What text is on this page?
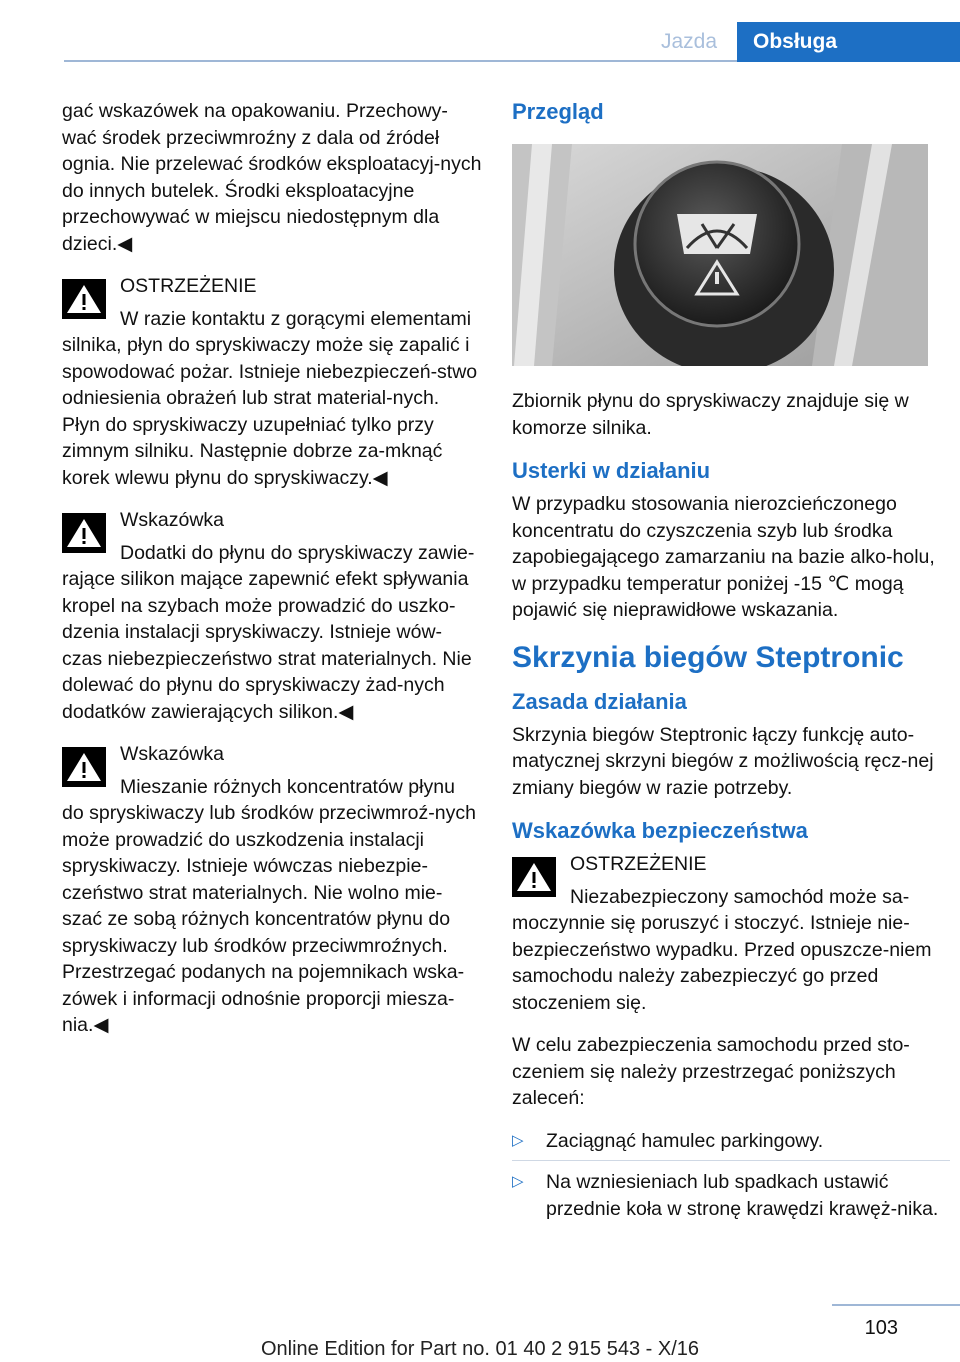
Jazda	Obsługa

gać wskazówek na opakowaniu. Przechowy-wać środek przeciwmroźny z dala od źródeł ognia. Nie przelewać środków eksploatacyj-nych do innych butelek. Środki eksploatacyjne przechowywać w miejscu niedostępnym dla dzieci.◀

OSTRZEŻENIE
W razie kontaktu z gorącymi elementami silnika, płyn do spryskiwaczy może się zapalić i spowodować pożar. Istnieje niebezpieczeń-stwo odniesienia obrażeń lub strat material-nych. Płyn do spryskiwaczy uzupełniać tylko przy zimnym silniku. Następnie dobrze za-mknąć korek wlewu płynu do spryskiwaczy.◀
Wskazówka
Dodatki do płynu do spryskiwaczy zawie-rające silikon mające zapewnić efekt spływania kropel na szybach może prowadzić do uszko-dzenia instalacji spryskiwaczy. Istnieje wów-czas niebezpieczeństwo strat materialnych. Nie dolewać do płynu do spryskiwaczy żad-nych dodatków zawierających silikon.◀
Wskazówka
Mieszanie różnych koncentratów płynu do spryskiwaczy lub środków przeciwmroź-nych może prowadzić do uszkodzenia instalacji spryskiwaczy. Istnieje wówczas niebezpie-czeństwo strat materialnych. Nie wolno mie-szać ze sobą różnych koncentratów płynu do spryskiwaczy lub środków przeciwmroźnych. Przestrzegać podanych na pojemnikach wska-zówek i informacji odnośnie proporcji miesza-nia.◀
Przegląd

Zbiornik płynu do spryskiwaczy znajduje się w komorze silnika.

Usterki w działaniu

W przypadku stosowania nierozcieńczonego koncentratu do czyszczenia szyb lub środka zapobiegającego zamarzaniu na bazie alko-holu, w przypadku temperatur poniżej -15 ℃ mogą pojawić się nieprawidłowe wskazania.

Skrzynia biegów Steptronic
Zasada działania

Skrzynia biegów Steptronic łączy funkcję auto-matycznej skrzyni biegów z możliwością ręcz-nej zmiany biegów w razie potrzeby.

Wskazówka bezpieczeństwa
OSTRZEŻENIE
Niezabezpieczony samochód może sa-moczynnie się poruszyć i stoczyć. Istnieje nie-bezpieczeństwo wypadku. Przed opuszcze-niem samochodu należy zabezpieczyć go przed stoczeniem się.

W celu zabezpieczenia samochodu przed sto-czeniem się należy przestrzegać poniższych zaleceń:

▷ Zaciągnąć hamulec parkingowy.
▷ Na wzniesieniach lub spadkach ustawić przednie koła w stronę krawędzi krawęż-nika.
103
Online Edition for Part no. 01 40 2 915 543 - X/16
